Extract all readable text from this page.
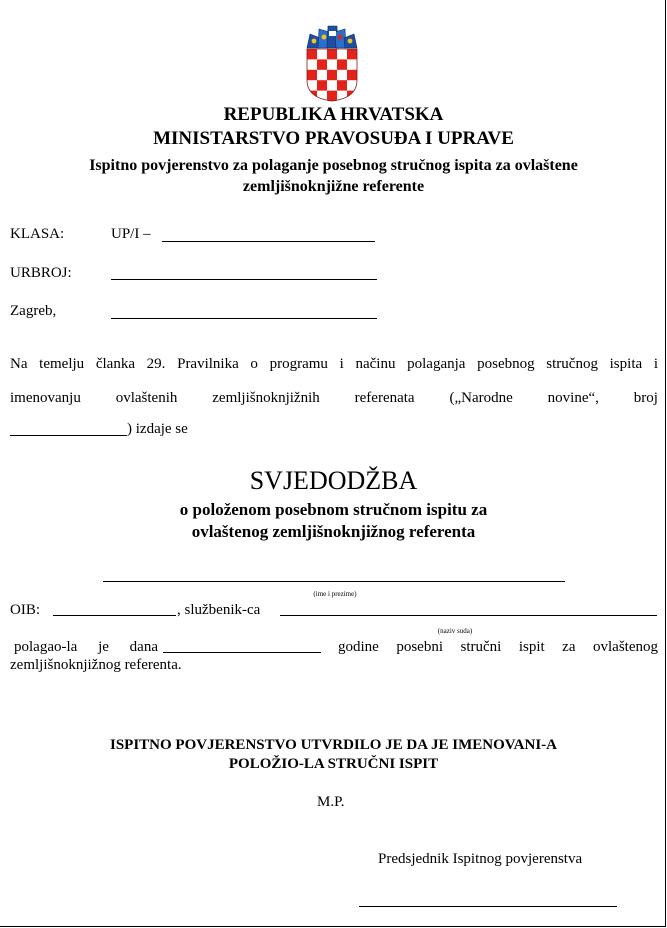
REPUBLIKA HRVATSKA
MINISTARSTVO PRAVOSUĐA I UPRAVE
Ispitno povjerenstvo za polaganje posebnog stručnog ispita za ovlaštene
zemljišnoknjižne referente
KLASA:	UP/I –
URBROJ:
Zagreb,
Na temelju članka 29. Pravilnika o programu i načinu polaganja posebnog stručnog ispita i
imenovanju ovlaštenih zemljišnoknjižnih referenata („Narodne novine“, broj
) izdaje se
SVJEDODŽBA
o položenom posebnom stručnom ispitu za
ovlaštenog zemljišnoknjižnog referenta
(ime i prezime)
OIB:	, službenik-ca
(naziv suda)
polagao-la je dana	godine posebni stručni ispit za ovlaštenog
zemljišnoknjižnog referenta.
ISPITNO POVJERENSTVO UTVRDILO JE DA JE IMENOVANI-A
POLOŽIO-LA STRUČNI ISPIT
M.P.
Predsjednik Ispitnog povjerenstva
